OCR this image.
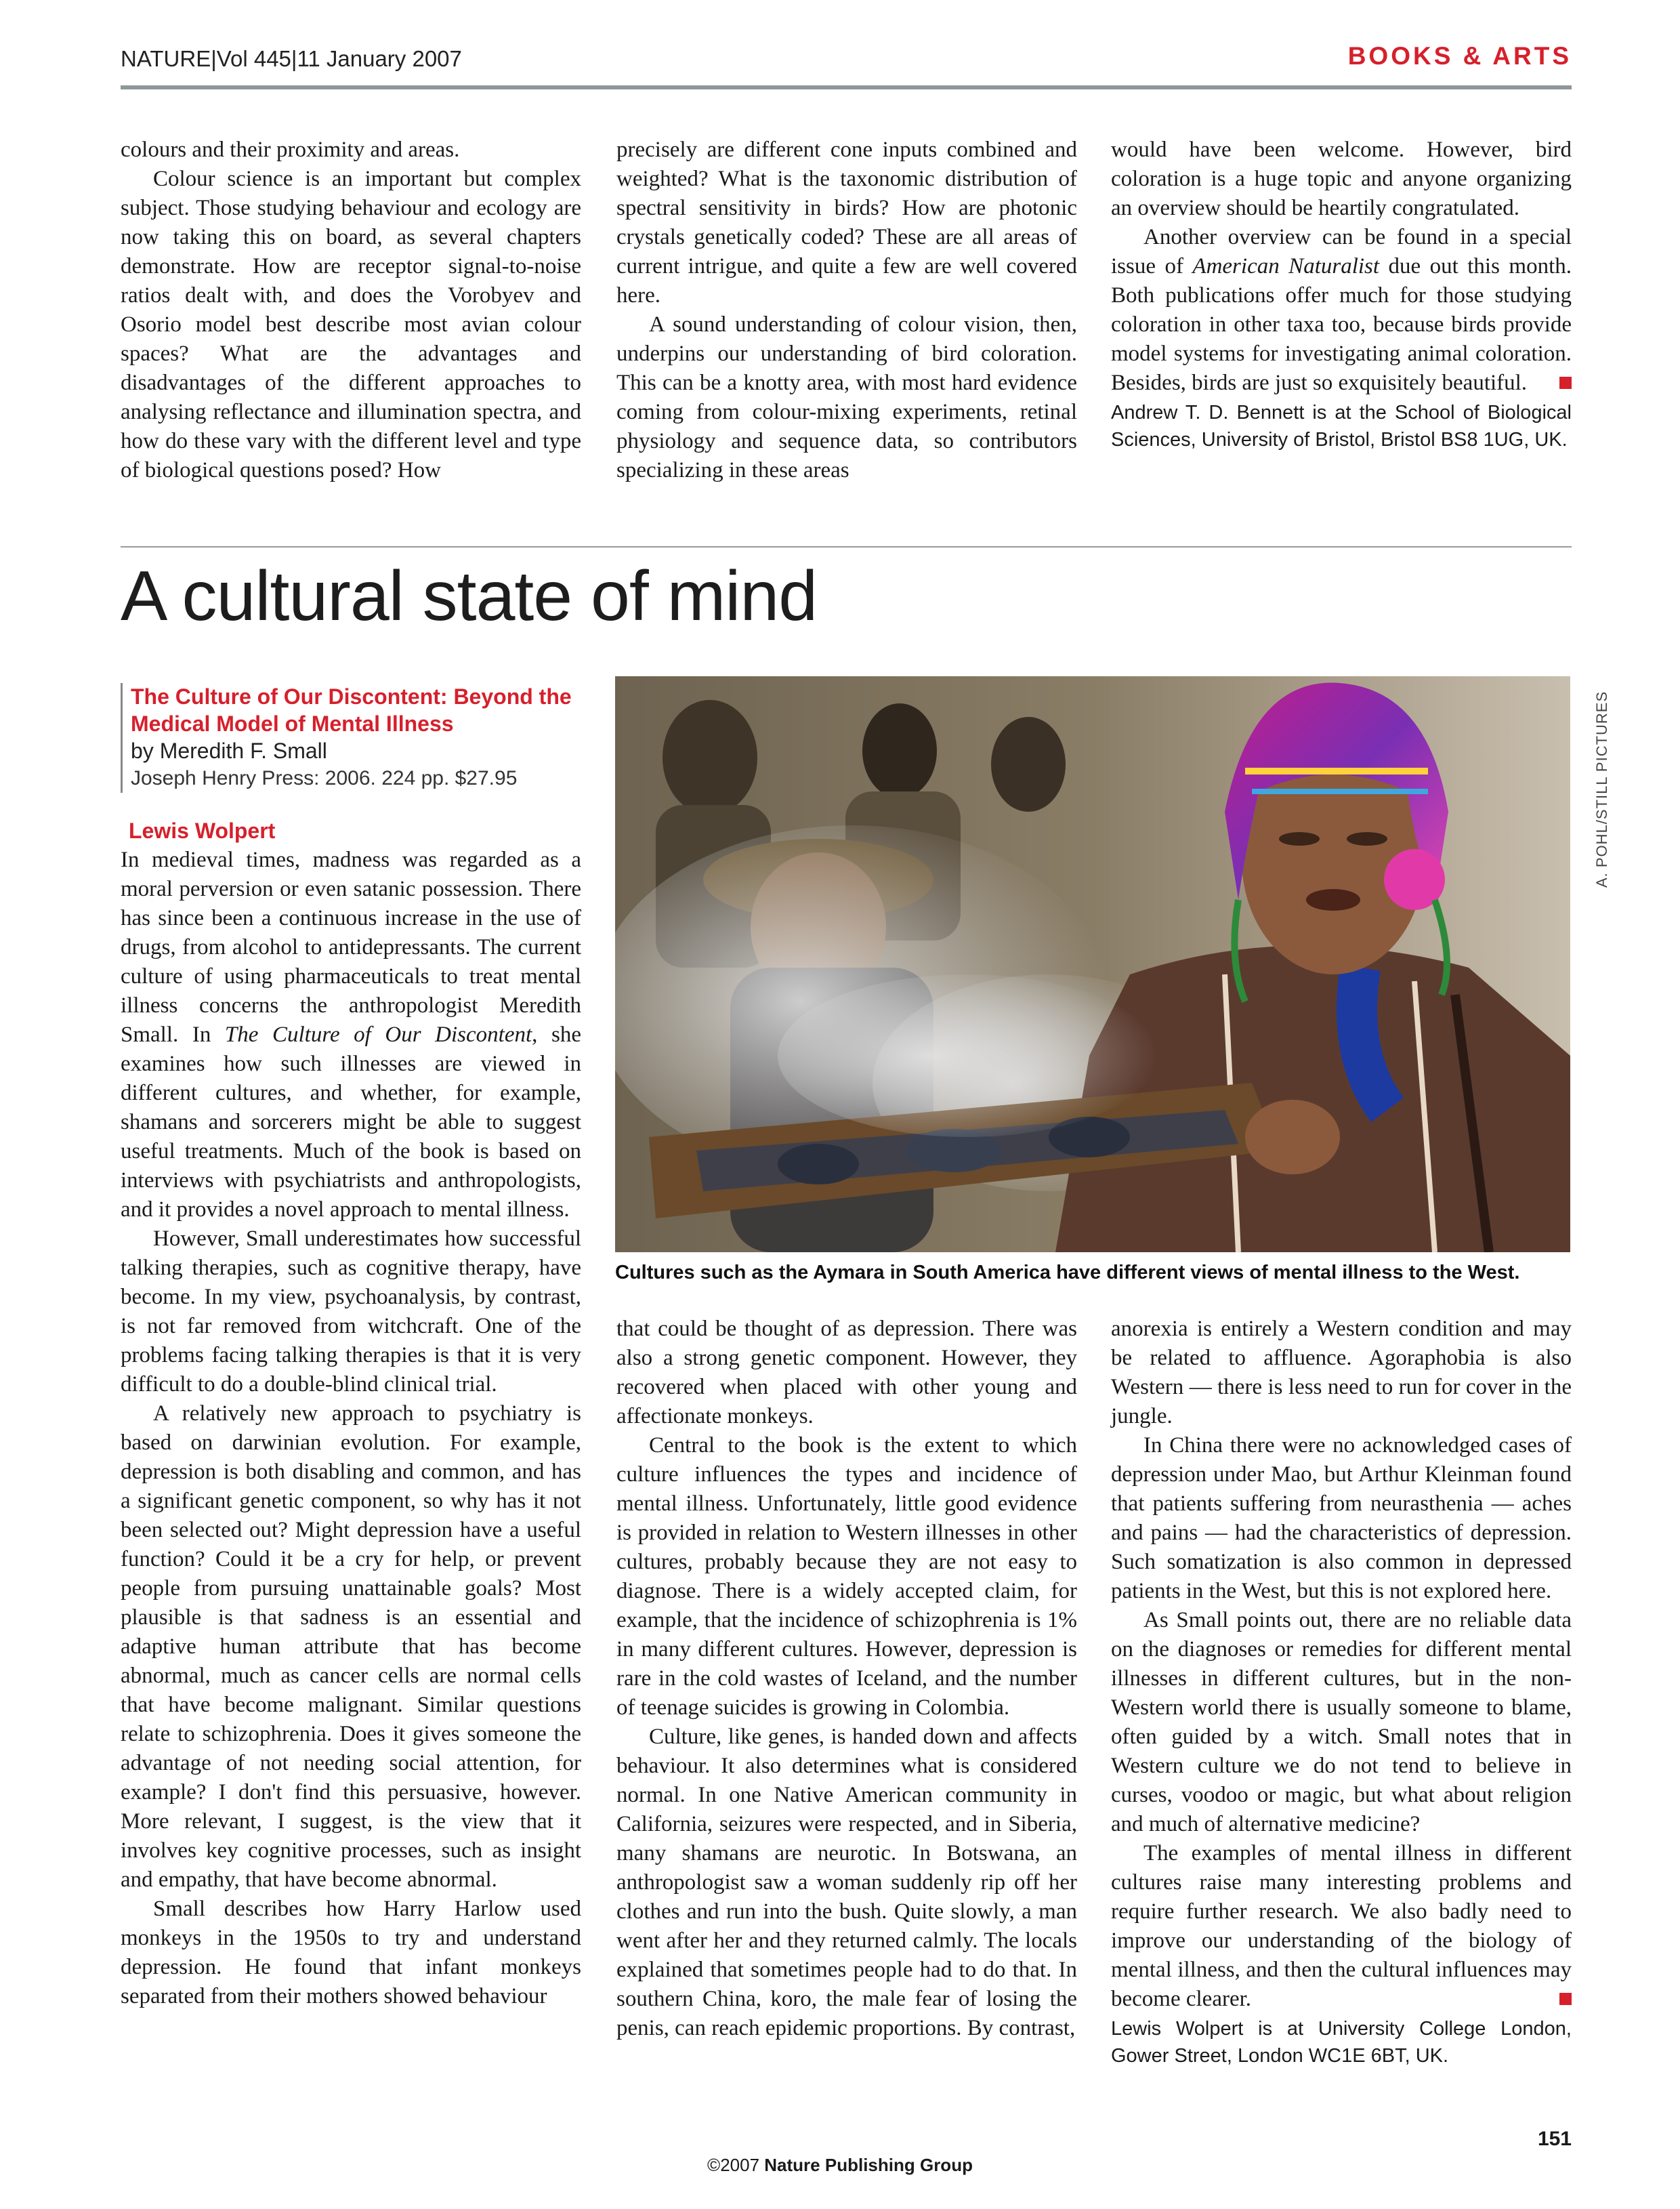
NATURE|Vol 445|11 January 2007	BOOKS & ARTS

colours and their proximity and areas.

Colour science is an important but complex subject. Those studying behaviour and ecology are now taking this on board, as several chapters demonstrate. How are receptor signal-to-noise ratios dealt with, and does the Vorobyev and Osorio model best describe most avian colour spaces? What are the advantages and disadvantages of the different approaches to analysing reflectance and illumination spectra, and how do these vary with the different level and type of biological questions posed? How

precisely are different cone inputs combined and weighted? What is the taxonomic distribution of spectral sensitivity in birds? How are photonic crystals genetically coded? These are all areas of current intrigue, and quite a few are well covered here.

A sound understanding of colour vision, then, underpins our understanding of bird coloration. This can be a knotty area, with most hard evidence coming from colour-mixing experiments, retinal physiology and sequence data, so contributors specializing in these areas

would have been welcome. However, bird coloration is a huge topic and anyone organizing an overview should be heartily congratulated.

Another overview can be found in a special issue of American Naturalist due out this month. Both publications offer much for those studying coloration in other taxa too, because birds provide model systems for investigating animal coloration. Besides, birds are just so exquisitely beautiful.

Andrew T. D. Bennett is at the School of Biological Sciences, University of Bristol, Bristol BS8 1UG, UK.

A cultural state of mind
The Culture of Our Discontent: Beyond the Medical Model of Mental Illness
by Meredith F. Small
Joseph Henry Press: 2006. 224 pp. $27.95
Lewis Wolpert

In medieval times, madness was regarded as a moral perversion or even satanic possession. There has since been a continuous increase in the use of drugs, from alcohol to antidepressants. The current culture of using pharmaceuticals to treat mental illness concerns the anthropologist Meredith Small. In The Culture of Our Discontent, she examines how such illnesses are viewed in different cultures, and whether, for example, shamans and sorcerers might be able to suggest useful treatments. Much of the book is based on interviews with psychiatrists and anthropologists, and it provides a novel approach to mental illness.

However, Small underestimates how successful talking therapies, such as cognitive therapy, have become. In my view, psychoanalysis, by contrast, is not far removed from witchcraft. One of the problems facing talking therapies is that it is very difficult to do a double-blind clinical trial.

A relatively new approach to psychiatry is based on darwinian evolution. For example, depression is both disabling and common, and has a significant genetic component, so why has it not been selected out? Might depression have a useful function? Could it be a cry for help, or prevent people from pursuing unattainable goals? Most plausible is that sadness is an essential and adaptive human attribute that has become abnormal, much as cancer cells are normal cells that have become malignant. Similar questions relate to schizophrenia. Does it gives someone the advantage of not needing social attention, for example? I don't find this persuasive, however. More relevant, I suggest, is the view that it involves key cognitive processes, such as insight and empathy, that have become abnormal.

Small describes how Harry Harlow used monkeys in the 1950s to try and understand depression. He found that infant monkeys separated from their mothers showed behaviour

A. POHL/STILL PICTURES
Cultures such as the Aymara in South America have different views of mental illness to the West.

that could be thought of as depression. There was also a strong genetic component. However, they recovered when placed with other young and affectionate monkeys.

Central to the book is the extent to which culture influences the types and incidence of mental illness. Unfortunately, little good evidence is provided in relation to Western illnesses in other cultures, probably because they are not easy to diagnose. There is a widely accepted claim, for example, that the incidence of schizophrenia is 1% in many different cultures. However, depression is rare in the cold wastes of Iceland, and the number of teenage suicides is growing in Colombia.

Culture, like genes, is handed down and affects behaviour. It also determines what is considered normal. In one Native American community in California, seizures were respected, and in Siberia, many shamans are neurotic. In Botswana, an anthropologist saw a woman suddenly rip off her clothes and run into the bush. Quite slowly, a man went after her and they returned calmly. The locals explained that sometimes people had to do that. In southern China, koro, the male fear of losing the penis, can reach epidemic proportions. By contrast,

anorexia is entirely a Western condition and may be related to affluence. Agoraphobia is also Western — there is less need to run for cover in the jungle.

In China there were no acknowledged cases of depression under Mao, but Arthur Kleinman found that patients suffering from neurasthenia — aches and pains — had the characteristics of depression. Such somatization is also common in depressed patients in the West, but this is not explored here.

As Small points out, there are no reliable data on the diagnoses or remedies for different mental illnesses in different cultures, but in the non-Western world there is usually someone to blame, often guided by a witch. Small notes that in Western culture we do not tend to believe in curses, voodoo or magic, but what about religion and much of alternative medicine?

The examples of mental illness in different cultures raise many interesting problems and require further research. We also badly need to improve our understanding of the biology of mental illness, and then the cultural influences may become clearer.

Lewis Wolpert is at University College London, Gower Street, London WC1E 6BT, UK.

151
©2007 Nature Publishing Group
